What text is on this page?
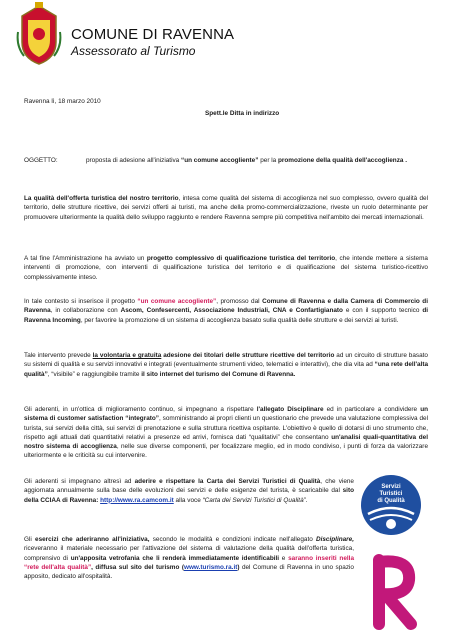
COMUNE DI RAVENNA
Assessorato al Turismo
Ravenna lì, 18 marzo 2010
Spett.le Ditta in indirizzo
OGGETTO:	proposta di adesione all'iniziativa “un comune accogliente” per la promozione della qualità dell'accoglienza .
La qualità dell'offerta turistica del nostro territorio, intesa come qualità del sistema di accoglienza nel suo complesso, ovvero qualità del territorio, delle strutture ricettive, dei servizi offerti ai turisti, ma anche della promo-commercializzazione, riveste un ruolo determinante per promuovere ulteriormente la qualità dello sviluppo raggiunto e rendere Ravenna sempre più competitiva nell'ambito dei mercati internazionali.
A tal fine l'Amministrazione ha avviato un progetto complessivo di qualificazione turistica del territorio, che intende mettere a sistema interventi di promozione, con interventi di qualificazione turistica del territorio e di qualificazione del sistema turistico-ricettivo complessivamente inteso.
In tale contesto si inserisce il progetto “un comune accogliente”, promosso dal Comune di Ravenna e dalla Camera di Commercio di Ravenna, in collaborazione con Ascom, Confesercenti, Associazione Industriali, CNA e Confartigianato e con il supporto tecnico di Ravenna Incoming, per favorire la promozione di un sistema di accoglienza basato sulla qualità delle strutture e dei servizi ai turisti.
Tale intervento prevede la volontaria e gratuita adesione dei titolari delle strutture ricettive del territorio ad un circuito di strutture basato su sistemi di qualità e su servizi innovativi e integrati (eventualmente strumenti video, telematici e interattivi), che dia vita ad “una rete dell'alta qualità”, “visibile” e raggiungibile tramite il sito internet del turismo del Comune di Ravenna.
Gli aderenti, in un'ottica di miglioramento continuo, si impegnano a rispettare l'allegato Disciplinare ed in particolare a condividere un sistema di customer satisfaction “integrato”, somministrando ai propri clienti un questionario che prevede una valutazione complessiva del turista, sui servizi della città, sui servizi di prenotazione e sulla struttura ricettiva ospitante. L'obiettivo è quello di dotarsi di uno strumento che, rispetto agli attuali dati quantitativi relativi a presenze ed arrivi, fornisca dati “qualitativi” che consentano un'analisi quali-quantitativa del nostro sistema di accoglienza, nelle sue diverse componenti, per focalizzare meglio, ed in modo condiviso, i punti di forza da valorizzare ulteriormente e le criticità su cui intervenire.
Gli aderenti si impegnano altresì ad aderire e rispettare la Carta dei Servizi Turistici di Qualità, che viene aggiornata annualmente sulla base delle evoluzioni dei servizi e delle esigenze del turista, è scaricabile dal sito della CCIAA di Ravenna: http://www.ra.camcom.it alla voce “Carta dei Servizi Turistici di Qualità”.
Gli esercizi che aderiranno all'iniziativa, secondo le modalità e condizioni indicate nell'allegato Disciplinare, riceveranno il materiale necessario per l'attivazione del sistema di valutazione della qualità dell'offerta turistica, comprensivo di un'apposita vetrofania che li renderà immediatamente identificabili e saranno inseriti nella “rete dell'alta qualità”, diffusa sul sito del turismo (www.turismo.ra.it) del Comune di Ravenna in uno spazio apposito, dedicato all'ospitalità.
Servizi
Turistici
di Qualità
